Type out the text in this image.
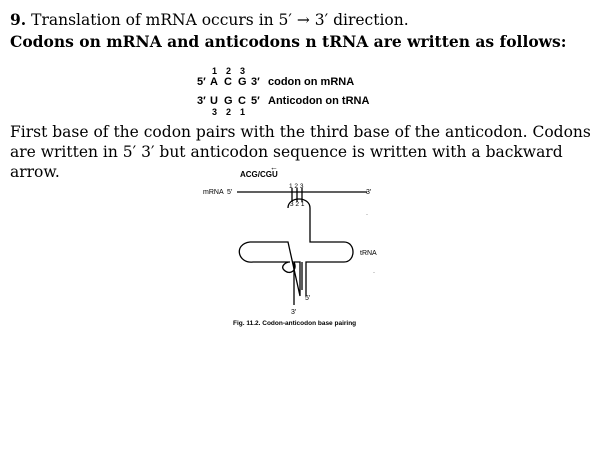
9. Translation of mRNA occurs in 5′ → 3′ direction.
Codons on mRNA and anticodons n tRNA are written as follows:
1 2 3
5′ A C G 3′ codon on mRNA
3′ U G C 5′ Anticodon on tRNA
3 2 1
First base of the codon pairs with the third base of the anticodon. Codons are written in 5′ 3′ but anticodon sequence is written with a backward arrow.	ACG/CGU
←
mRNA 5′	3′
1 2 3
3 2 1
tRNA
5′
3′
Fig. 11.2. Codon-anticodon base pairing
·
·
